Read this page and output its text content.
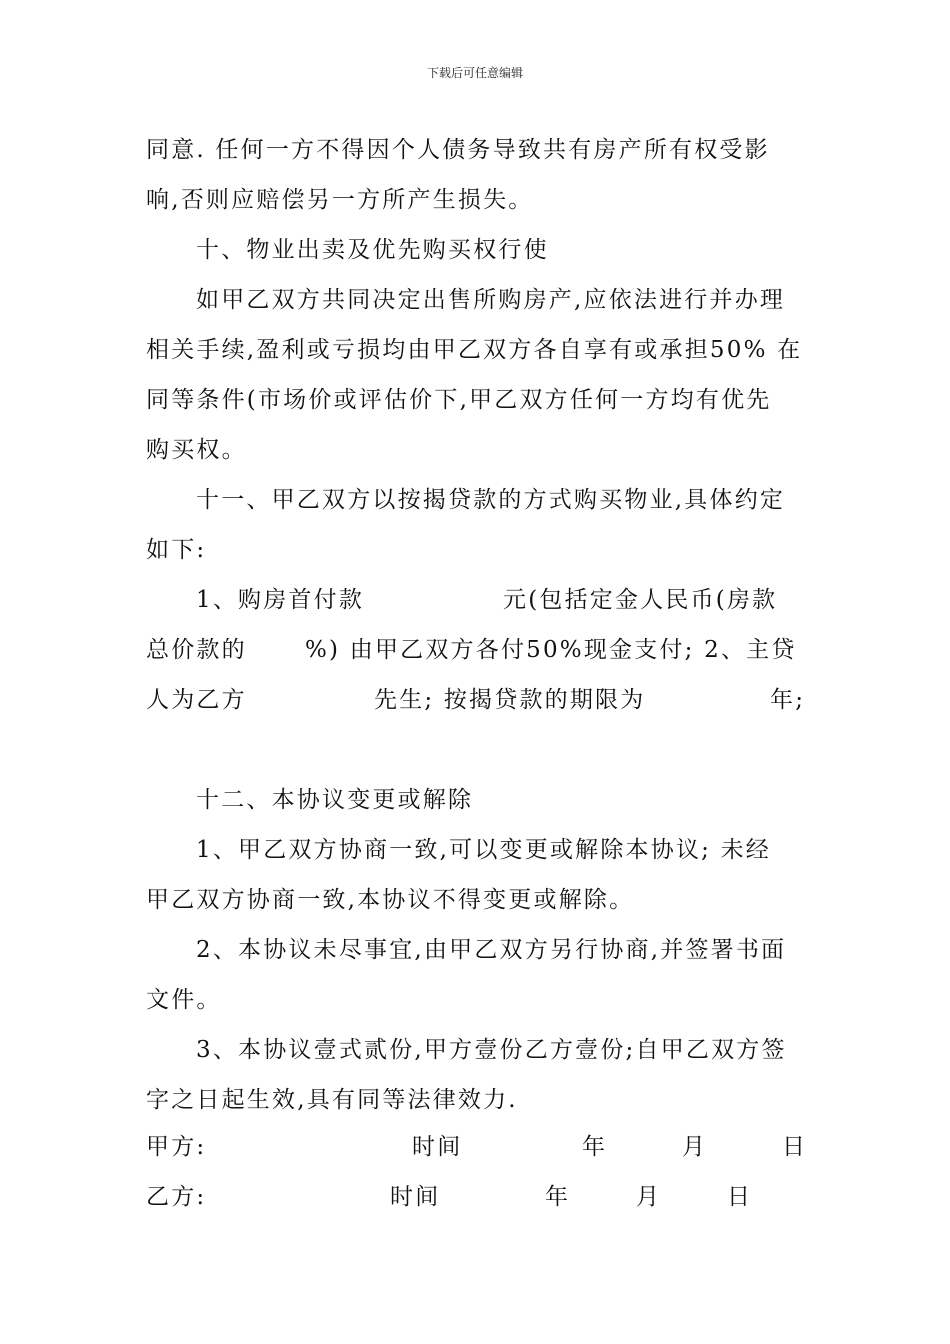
下载后可任意编辑
同意. 任何一方不得因个人债务导致共有房产所有权受影
响,否则应赔偿另一方所产生损失。
十、物业出卖及优先购买权行使
如甲乙双方共同决定出售所购房产,应依法进行并办理
相关手续,盈利或亏损均由甲乙双方各自享有或承担50% 在
同等条件(市场价或评估价下,甲乙双方任何一方均有优先
购买权。
十一、甲乙双方以按揭贷款的方式购买物业,具体约定
如下:
1、购房首付款	元(包括定金人民币(房款
总价款的	%) 由甲乙双方各付50%现金支付; 2、主贷
人为乙方	先生; 按揭贷款的期限为	年;
十二、本协议变更或解除
1、甲乙双方协商一致,可以变更或解除本协议; 未经
甲乙双方协商一致,本协议不得变更或解除。
2、本协议未尽事宜,由甲乙双方另行协商,并签署书面
文件。
3、本协议壹式贰份,甲方壹份乙方壹份;自甲乙双方签
字之日起生效,具有同等法律效力.
甲方:	时间	年	月	日
乙方:	时间	年	月	日
